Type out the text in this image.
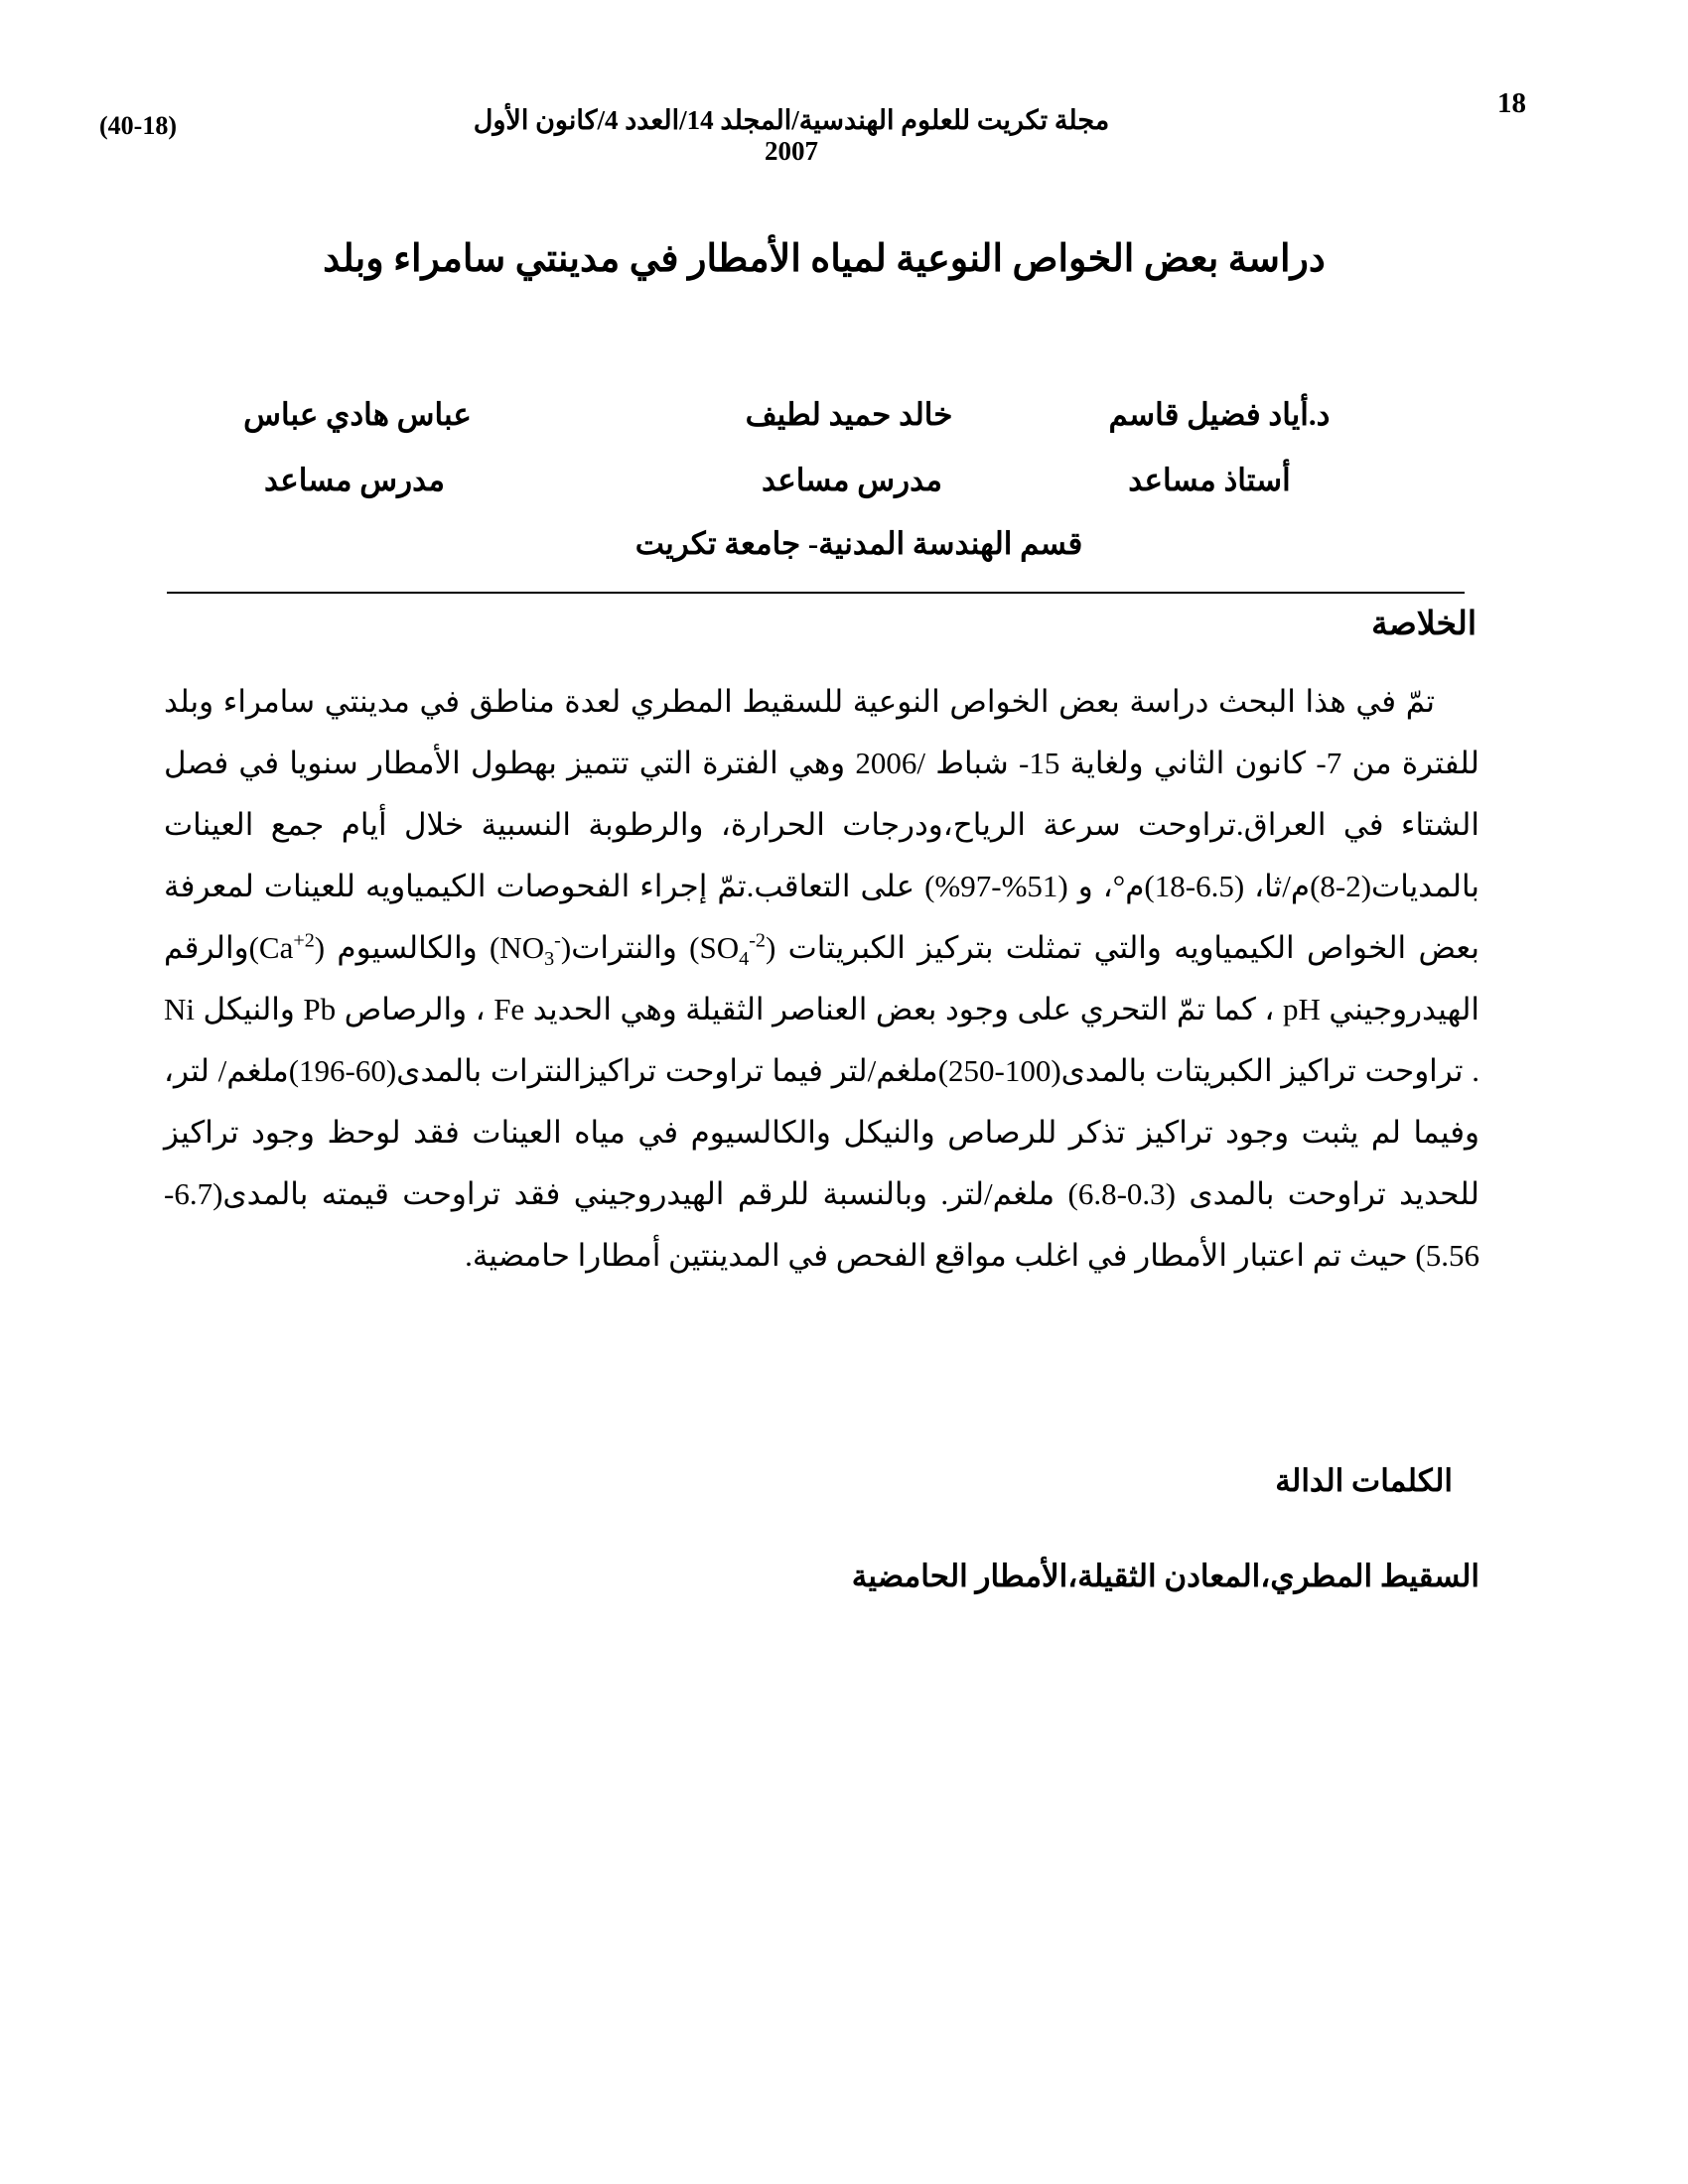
(40-18)	مجلة تكريت للعلوم الهندسية/المجلد 14/العدد 4/كانون الأول 2007
18
دراسة بعض الخواص النوعية لمياه الأمطار في مدينتي سامراء وبلد
د.أياد فضيل قاسم
خالد حميد لطيف
عباس هادي عباس
أستاذ مساعد
مدرس مساعد
مدرس مساعد
قسم الهندسة المدنية- جامعة تكريت
الخلاصة

تمّ في هذا البحث دراسة بعض الخواص النوعية للسقيط المطري لعدة مناطق في مدينتي سامراء وبلد للفترة من 7- كانون الثاني ولغاية 15- شباط /2006 وهي الفترة التي تتميز بهطول الأمطار سنويا في فصل الشتاء في العراق.تراوحت سرعة الرياح،ودرجات الحرارة، والرطوبة النسبية خلال أيام جمع العينات بالمديات(2-8)م/ثا، (6.5-18)م°، و (51%-97%) على التعاقب.تمّ إجراء الفحوصات الكيمياويه للعينات لمعرفة بعض الخواص الكيمياويه والتي تمثلت بتركيز الكبريتات $(SO_4^{-2})$ $والنترات(NO_3^-)$ والكالسيوم $(Ca^{+2})والرقم$ الهيدروجيني pH ، كما تمّ التحري على وجود بعض العناصر الثقيلة وهي الحديد Fe ، والرصاص Pb والنيكل Ni . تراوحت تراكيز الكبريتات بالمدى(100-250)ملغم/لتر فيما تراوحت تراكيزالنترات بالمدى(60-196)ملغم/ لتر، وفيما لم يثبت وجود تراكيز تذكر للرصاص والنيكل والكالسيوم في مياه العينات فقد لوحظ وجود تراكيز للحديد تراوحت بالمدى (0.3-6.8) ملغم/لتر. وبالنسبة للرقم الهيدروجيني فقد تراوحت قيمته بالمدى(6.7-5.56) حيث تم اعتبار الأمطار في اغلب مواقع الفحص في المدينتين أمطارا حامضية.

الكلمات الدالة
السقيط المطري،المعادن الثقيلة،الأمطار الحامضية
